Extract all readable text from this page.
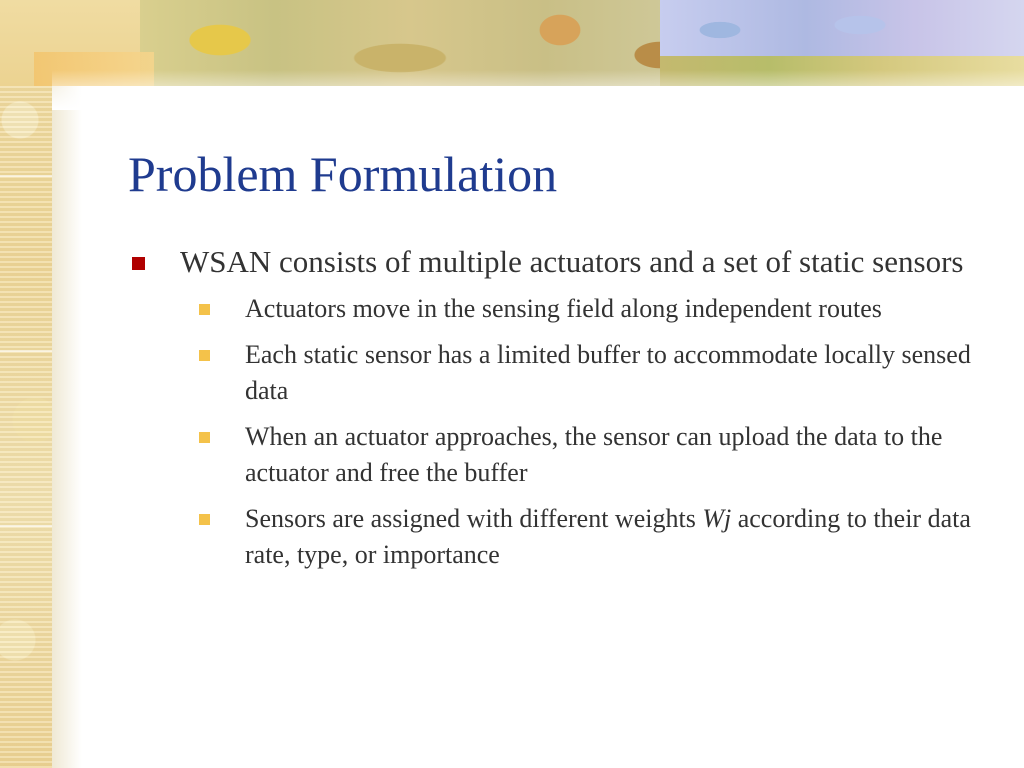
Problem Formulation
WSAN consists of multiple actuators and a set of static sensors
Actuators move in the sensing field along independent routes
Each static sensor has a limited buffer to accommodate locally sensed data
When an actuator approaches, the sensor can upload the data to the actuator and free the buffer
Sensors are assigned with different weights Wj according to their data rate, type, or importance
